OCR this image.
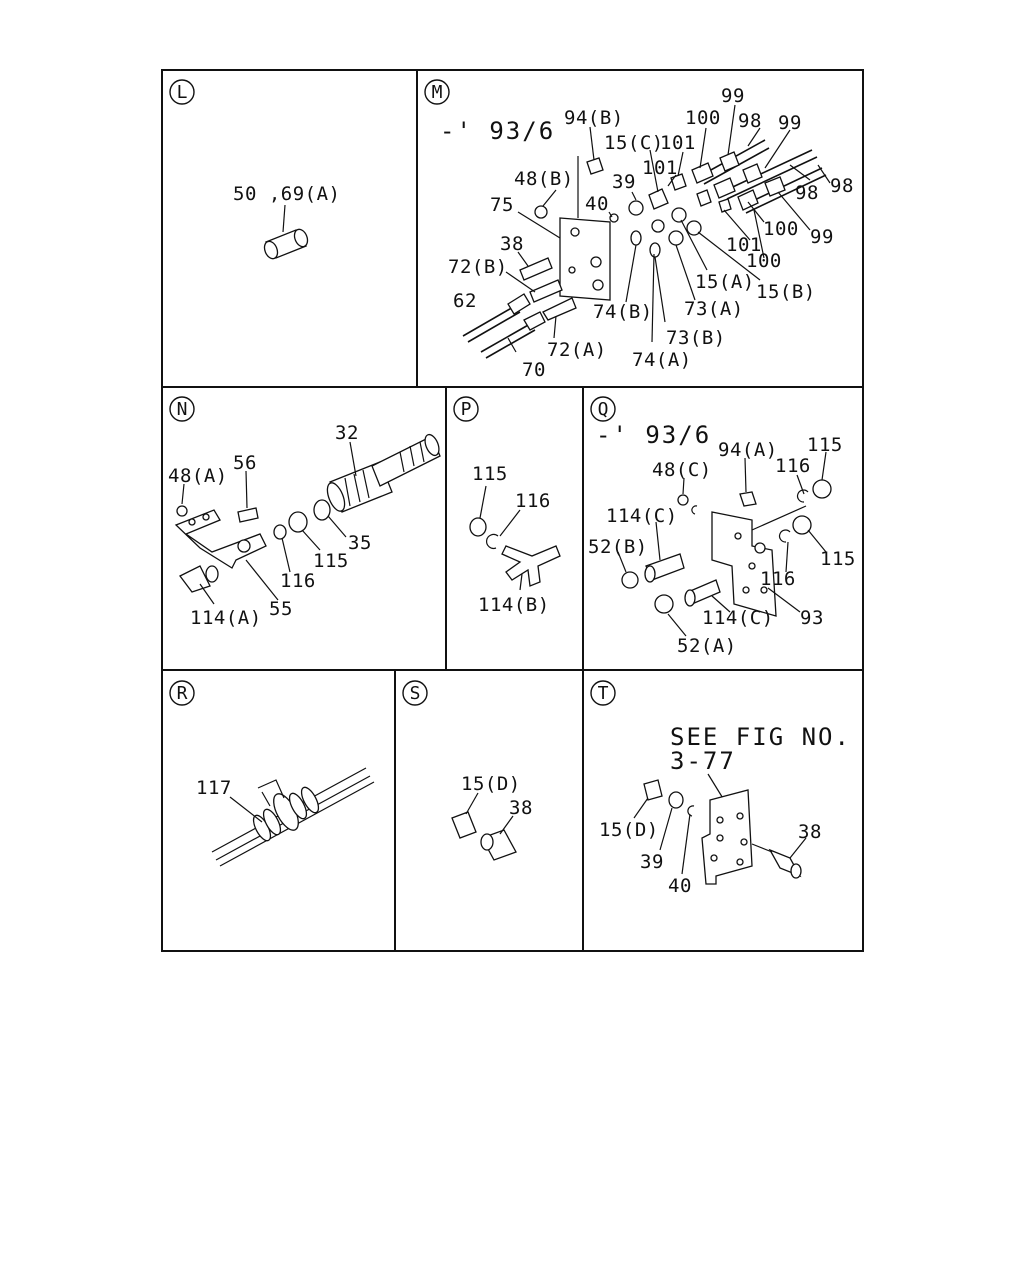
L
50 ,69(A)
M
-' 93/6 94(B)
15(C)
101
100
99
98 99
98 98
101
99
100
101
100
48(B) 39
40
75
38
72(B)
62
70
72(A)
74(B)
73(B)
74(A)
73(A)
15(A) 15(B)
N
32
48(A)
56
35
115
116
55
114(A)
P
115
116
114(B)
Q
-' 93/6	115
94(A)
116
48(C)
114(C)
52(B)
115
116
93
114(C)
52(A)
R
117
S
15(D)
38
T
SEE FIG NO.
3-77
15(D)
39
40
38
